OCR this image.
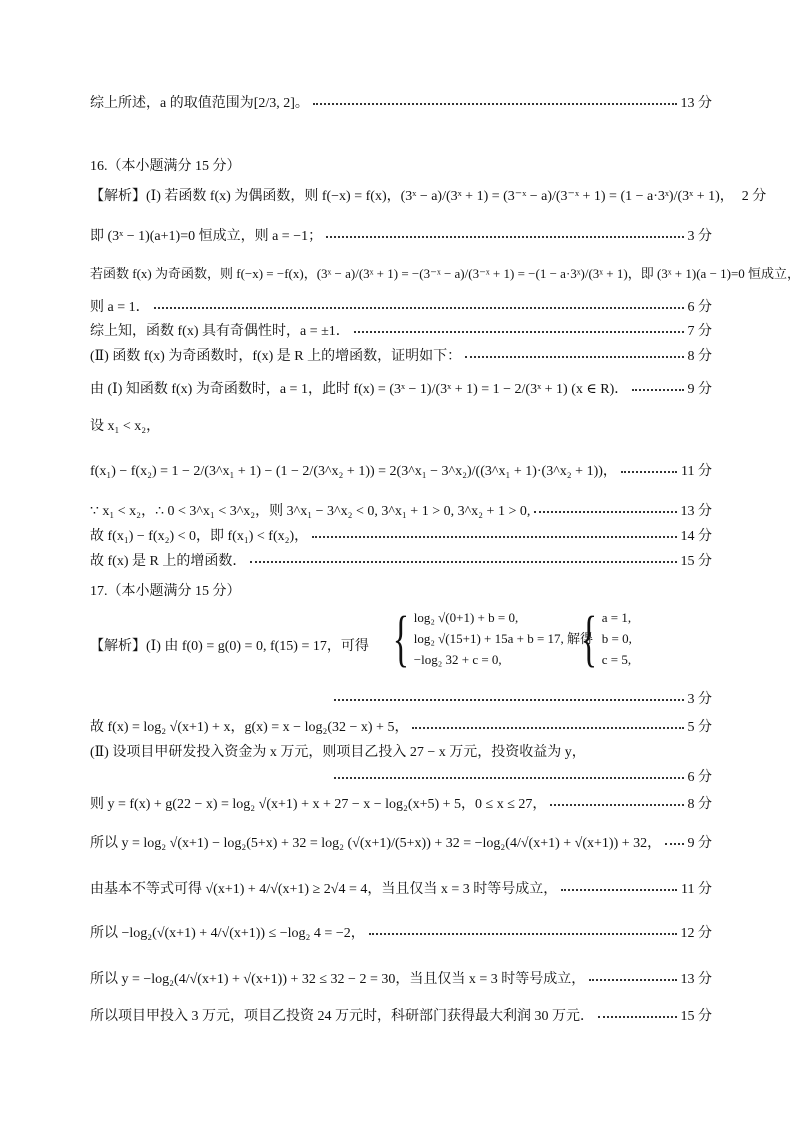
综上所述，a 的取值范围为[2/3, 2]。	13 分
16.（本小题满分 15 分）
【解析】(Ⅰ) 若函数 f(x) 为偶函数，则 f(−x) = f(x)，(3ˣ − a)/(3ˣ + 1) = (3⁻ˣ − a)/(3⁻ˣ + 1) = (1 − a·3ˣ)/(3ˣ + 1)， 2 分
即 (3ˣ − 1)(a+1)=0 恒成立，则 a = −1；	3 分
若函数 f(x) 为奇函数，则 f(−x) = −f(x)，(3ˣ − a)/(3ˣ + 1) = −(3⁻ˣ − a)/(3⁻ˣ + 1) = −(1 − a·3ˣ)/(3ˣ + 1)，即 (3ˣ + 1)(a − 1)=0 恒成立，
则 a = 1．	6 分
综上知，函数 f(x) 具有奇偶性时，a = ±1．	7 分
(Ⅱ) 函数 f(x) 为奇函数时，f(x) 是 R 上的增函数，证明如下：	8 分
由 (Ⅰ) 知函数 f(x) 为奇函数时，a = 1，此时 f(x) = (3ˣ − 1)/(3ˣ + 1) = 1 − 2/(3ˣ + 1) (x ∈ R)．	9 分
设 x₁ < x₂，
f(x₁) − f(x₂) = 1 − 2/(3^x₁ + 1) − (1 − 2/(3^x₂ + 1)) = 2(3^x₁ − 3^x₂)/((3^x₁ + 1)·(3^x₂ + 1))，	11 分
∵ x₁ < x₂，∴ 0 < 3^x₁ < 3^x₂，则 3^x₁ − 3^x₂ < 0, 3^x₁ + 1 > 0, 3^x₂ + 1 > 0,	13 分
故 f(x₁) − f(x₂) < 0，即 f(x₁) < f(x₂)，	14 分
故 f(x) 是 R 上的增函数．	15 分
17.（本小题满分 15 分）
【解析】(Ⅰ) 由 f(0) = g(0) = 0, f(15) = 17，可得 { log₂ √(0+1) + b = 0,
log₂ √(15+1) + 15a + b = 17, 解得
−log₂ 32 + c = 0,	{ a = 1,
b = 0,
c = 5,
3 分
故 f(x) = log₂ √(x+1) + x，g(x) = x − log₂(32 − x) + 5，	5 分
(Ⅱ) 设项目甲研发投入资金为 x 万元，则项目乙投入 27 − x 万元，投资收益为 y，
6 分
则 y = f(x) + g(22 − x) = log₂ √(x+1) + x + 27 − x − log₂(x+5) + 5，0 ≤ x ≤ 27，	8 分
所以 y = log₂ √(x+1) − log₂(5+x) + 32 = log₂ (√(x+1)/(5+x)) + 32 = −log₂(4/√(x+1) + √(x+1)) + 32， 9 分
由基本不等式可得 √(x+1) + 4/√(x+1) ≥ 2√4 = 4，当且仅当 x = 3 时等号成立，	11 分
所以 −log₂(√(x+1) + 4/√(x+1)) ≤ −log₂ 4 = −2，	12 分
所以 y = −log₂(4/√(x+1) + √(x+1)) + 32 ≤ 32 − 2 = 30，当且仅当 x = 3 时等号成立，	13 分
所以项目甲投入 3 万元，项目乙投资 24 万元时，科研部门获得最大利润 30 万元．	15 分
